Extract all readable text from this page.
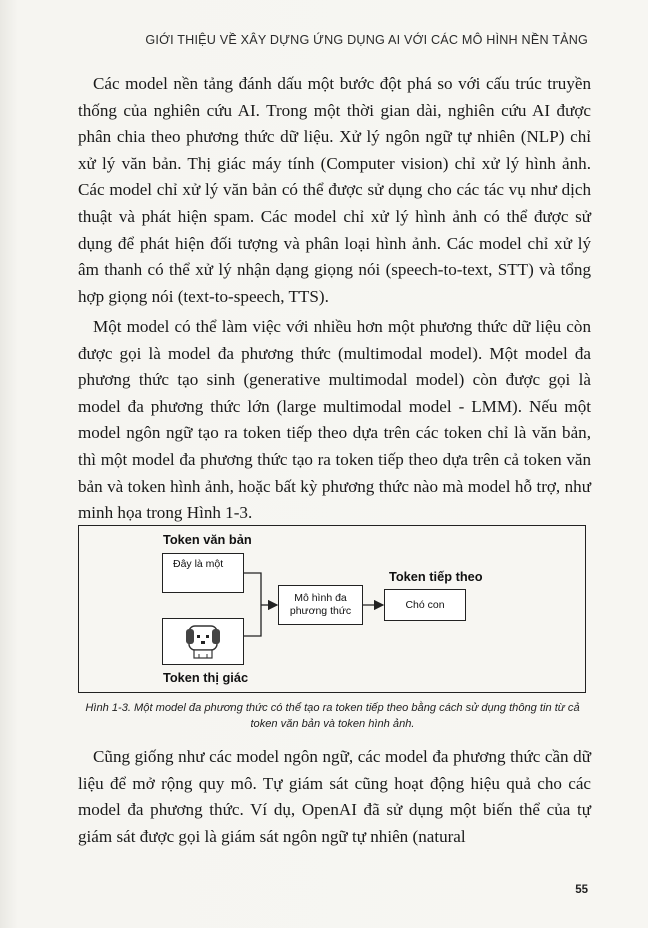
GIỚI THIỆU VỀ XÂY DỰNG ỨNG DỤNG AI VỚI CÁC MÔ HÌNH NỀN TẢNG

Các model nền tảng đánh dấu một bước đột phá so với cấu trúc truyền thống của nghiên cứu AI. Trong một thời gian dài, nghiên cứu AI được phân chia theo phương thức dữ liệu. Xử lý ngôn ngữ tự nhiên (NLP) chỉ xử lý văn bản. Thị giác máy tính (Computer vision) chỉ xử lý hình ảnh. Các model chỉ xử lý văn bản có thể được sử dụng cho các tác vụ như dịch thuật và phát hiện spam. Các model chỉ xử lý hình ảnh có thể được sử dụng để phát hiện đối tượng và phân loại hình ảnh. Các model chỉ xử lý âm thanh có thể xử lý nhận dạng giọng nói (speech-to-text, STT) và tổng hợp giọng nói (text-to-speech, TTS).

Một model có thể làm việc với nhiều hơn một phương thức dữ liệu còn được gọi là model đa phương thức (multimodal model). Một model đa phương thức tạo sinh (generative multimodal model) còn được gọi là model đa phương thức lớn (large multimodal model - LMM). Nếu một model ngôn ngữ tạo ra token tiếp theo dựa trên các token chỉ là văn bản, thì một model đa phương thức tạo ra token tiếp theo dựa trên cả token văn bản và token hình ảnh, hoặc bất kỳ phương thức nào mà model hỗ trợ, như minh họa trong Hình 1-3.

Token văn bản
Đây là một
Token thị giác
Mô hình đa phương thức
Token tiếp theo
Chó con
Hình 1-3. Một model đa phương thức có thể tạo ra token tiếp theo bằng cách sử dụng thông tin từ cả token văn bản và token hình ảnh.

Cũng giống như các model ngôn ngữ, các model đa phương thức cần dữ liệu để mở rộng quy mô. Tự giám sát cũng hoạt động hiệu quả cho các model đa phương thức. Ví dụ, OpenAI đã sử dụng một biến thể của tự giám sát được gọi là giám sát ngôn ngữ tự nhiên (natural

55
